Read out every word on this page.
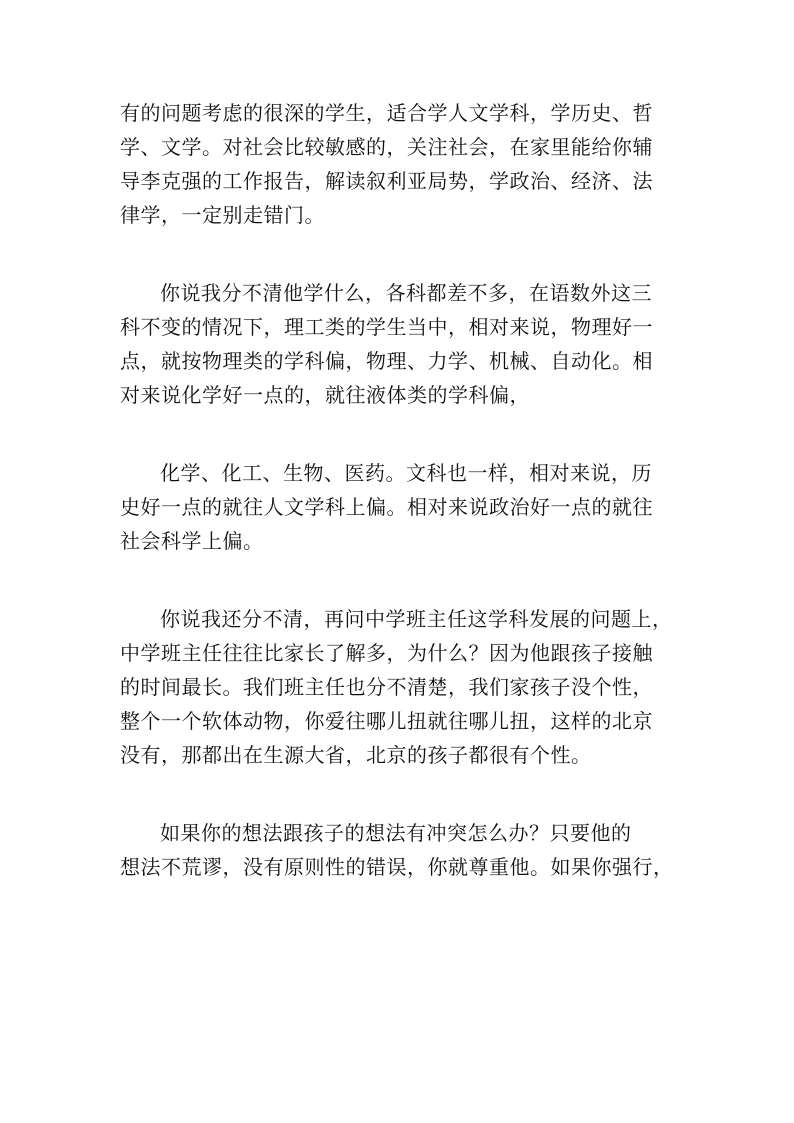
有的问题考虑的很深的学生，适合学人文学科，学历史、哲
学、文学。对社会比较敏感的，关注社会，在家里能给你辅
导李克强的工作报告，解读叙利亚局势，学政治、经济、法
律学，一定别走错门。

你说我分不清他学什么，各科都差不多，在语数外这三
科不变的情况下，理工类的学生当中，相对来说，物理好一
点，就按物理类的学科偏，物理、力学、机械、自动化。相
对来说化学好一点的，就往液体类的学科偏，

化学、化工、生物、医药。文科也一样，相对来说，历
史好一点的就往人文学科上偏。相对来说政治好一点的就往
社会科学上偏。

你说我还分不清，再问中学班主任这学科发展的问题上，
中学班主任往往比家长了解多，为什么？因为他跟孩子接触
的时间最长。我们班主任也分不清楚，我们家孩子没个性，
整个一个软体动物，你爱往哪儿扭就往哪儿扭，这样的北京
没有，那都出在生源大省，北京的孩子都很有个性。

如果你的想法跟孩子的想法有冲突怎么办？只要他的
想法不荒谬，没有原则性的错误，你就尊重他。如果你强行，
